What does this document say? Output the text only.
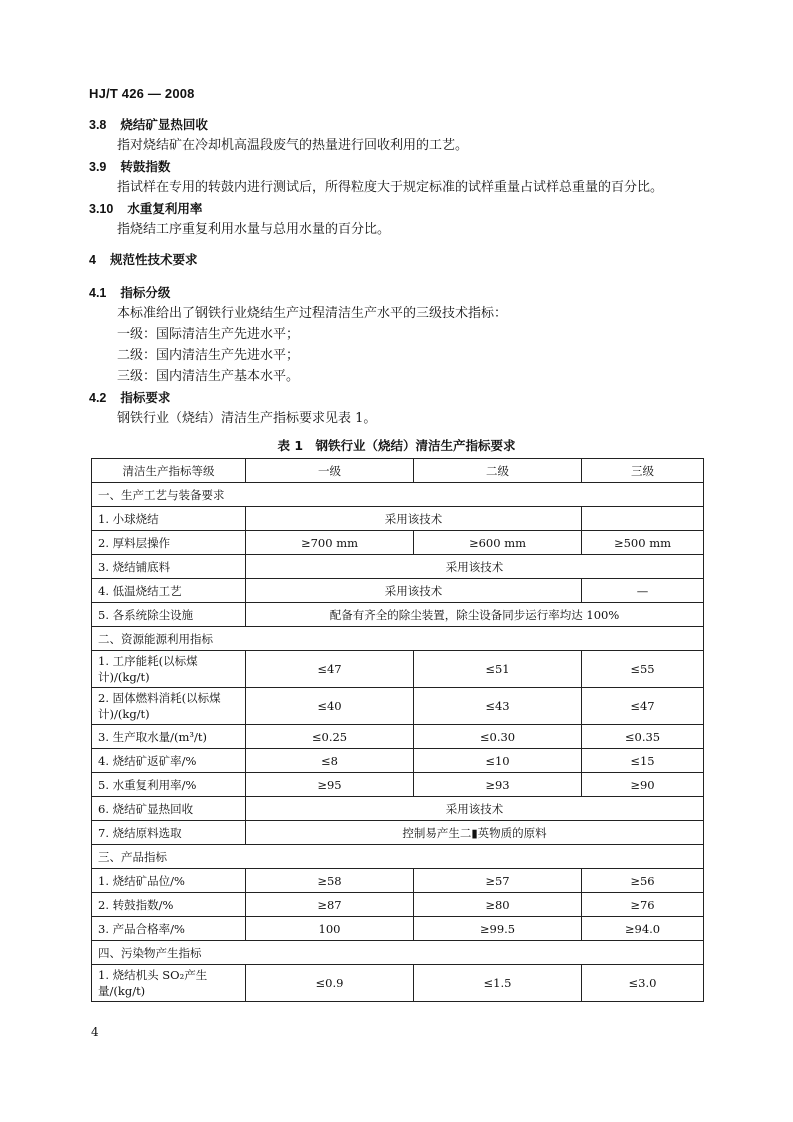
HJ/T 426 — 2008
3.8 烧结矿显热回收
指对烧结矿在冷却机高温段废气的热量进行回收利用的工艺。
3.9 转鼓指数
指试样在专用的转鼓内进行测试后，所得粒度大于规定标准的试样重量占试样总重量的百分比。
3.10 水重复利用率
指烧结工序重复利用水量与总用水量的百分比。
4 规范性技术要求
4.1 指标分级
本标准给出了钢铁行业烧结生产过程清洁生产水平的三级技术指标：
一级：国际清洁生产先进水平；
二级：国内清洁生产先进水平；
三级：国内清洁生产基本水平。
4.2 指标要求
钢铁行业（烧结）清洁生产指标要求见表 1。
表 1　钢铁行业（烧结）清洁生产指标要求
清洁生产指标等级	一级	二级	三级
一、生产工艺与装备要求			
1. 小球烧结	采用该技术		
2. 厚料层操作	≥700 mm	≥600 mm	≥500 mm
3. 烧结铺底料	采用该技术		
4. 低温烧结工艺	采用该技术		—
5. 各系统除尘设施	配备有齐全的除尘装置，除尘设备同步运行率均达 100%		
二、资源能源利用指标			
1. 工序能耗(以标煤计)/(kg/t)	≤47	≤51	≤55
2. 固体燃料消耗(以标煤计)/(kg/t)	≤40	≤43	≤47
3. 生产取水量/(m³/t)	≤0.25	≤0.30	≤0.35
4. 烧结矿返矿率/%	≤8	≤10	≤15
5. 水重复利用率/%	≥95	≥93	≥90
6. 烧结矿显热回收	采用该技术		
7. 烧结原料选取	控制易产生二▮英物质的原料		
三、产品指标			
1. 烧结矿品位/%	≥58	≥57	≥56
2. 转鼓指数/%	≥87	≥80	≥76
3. 产品合格率/%	100	≥99.5	≥94.0
四、污染物产生指标			
1. 烧结机头 SO₂产生量/(kg/t)	≤0.9	≤1.5	≤3.0
4
